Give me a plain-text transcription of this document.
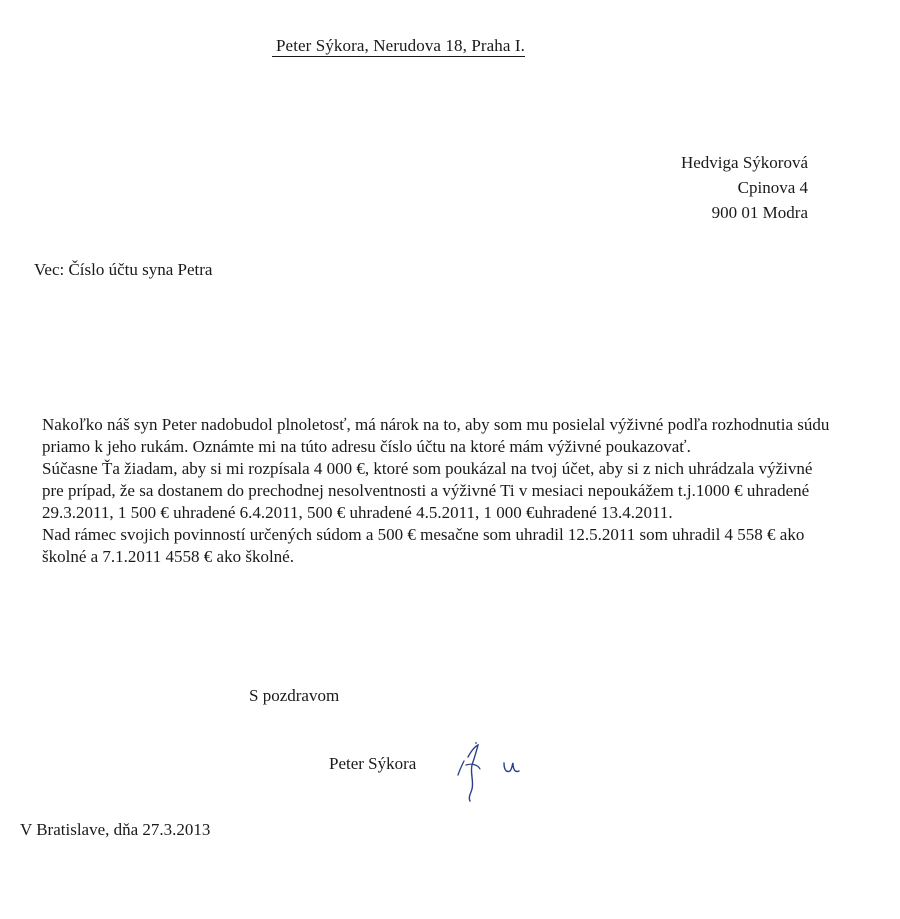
Peter Sýkora, Nerudova 18, Praha I.
Hedviga Sýkorová
Cpinova 4
900 01 Modra
Vec: Číslo účtu syna Petra

Nakoľko náš syn Peter nadobudol plnoletosť, má nárok na to, aby som mu posielal výživné podľa rozhodnutia súdu priamo k jeho rukám. Oznámte mi na túto adresu číslo účtu na ktoré mám výživné poukazovať.

Súčasne Ťa žiadam, aby si mi rozpísala 4 000 €, ktoré som poukázal na tvoj účet, aby si z nich uhrádzala výživné pre prípad, že sa dostanem do prechodnej nesolventnosti a výživné Ti v mesiaci nepoukážem t.j.1000 € uhradené 29.3.2011, 1 500 € uhradené 6.4.2011, 500 € uhradené 4.5.2011, 1 000 €uhradené 13.4.2011.

Nad rámec svojich povinností určených súdom a 500 € mesačne som uhradil 12.5.2011 som uhradil 4 558 € ako školné a 7.1.2011 4558 € ako školné.

S pozdravom
Peter Sýkora
V Bratislave, dňa 27.3.2013
